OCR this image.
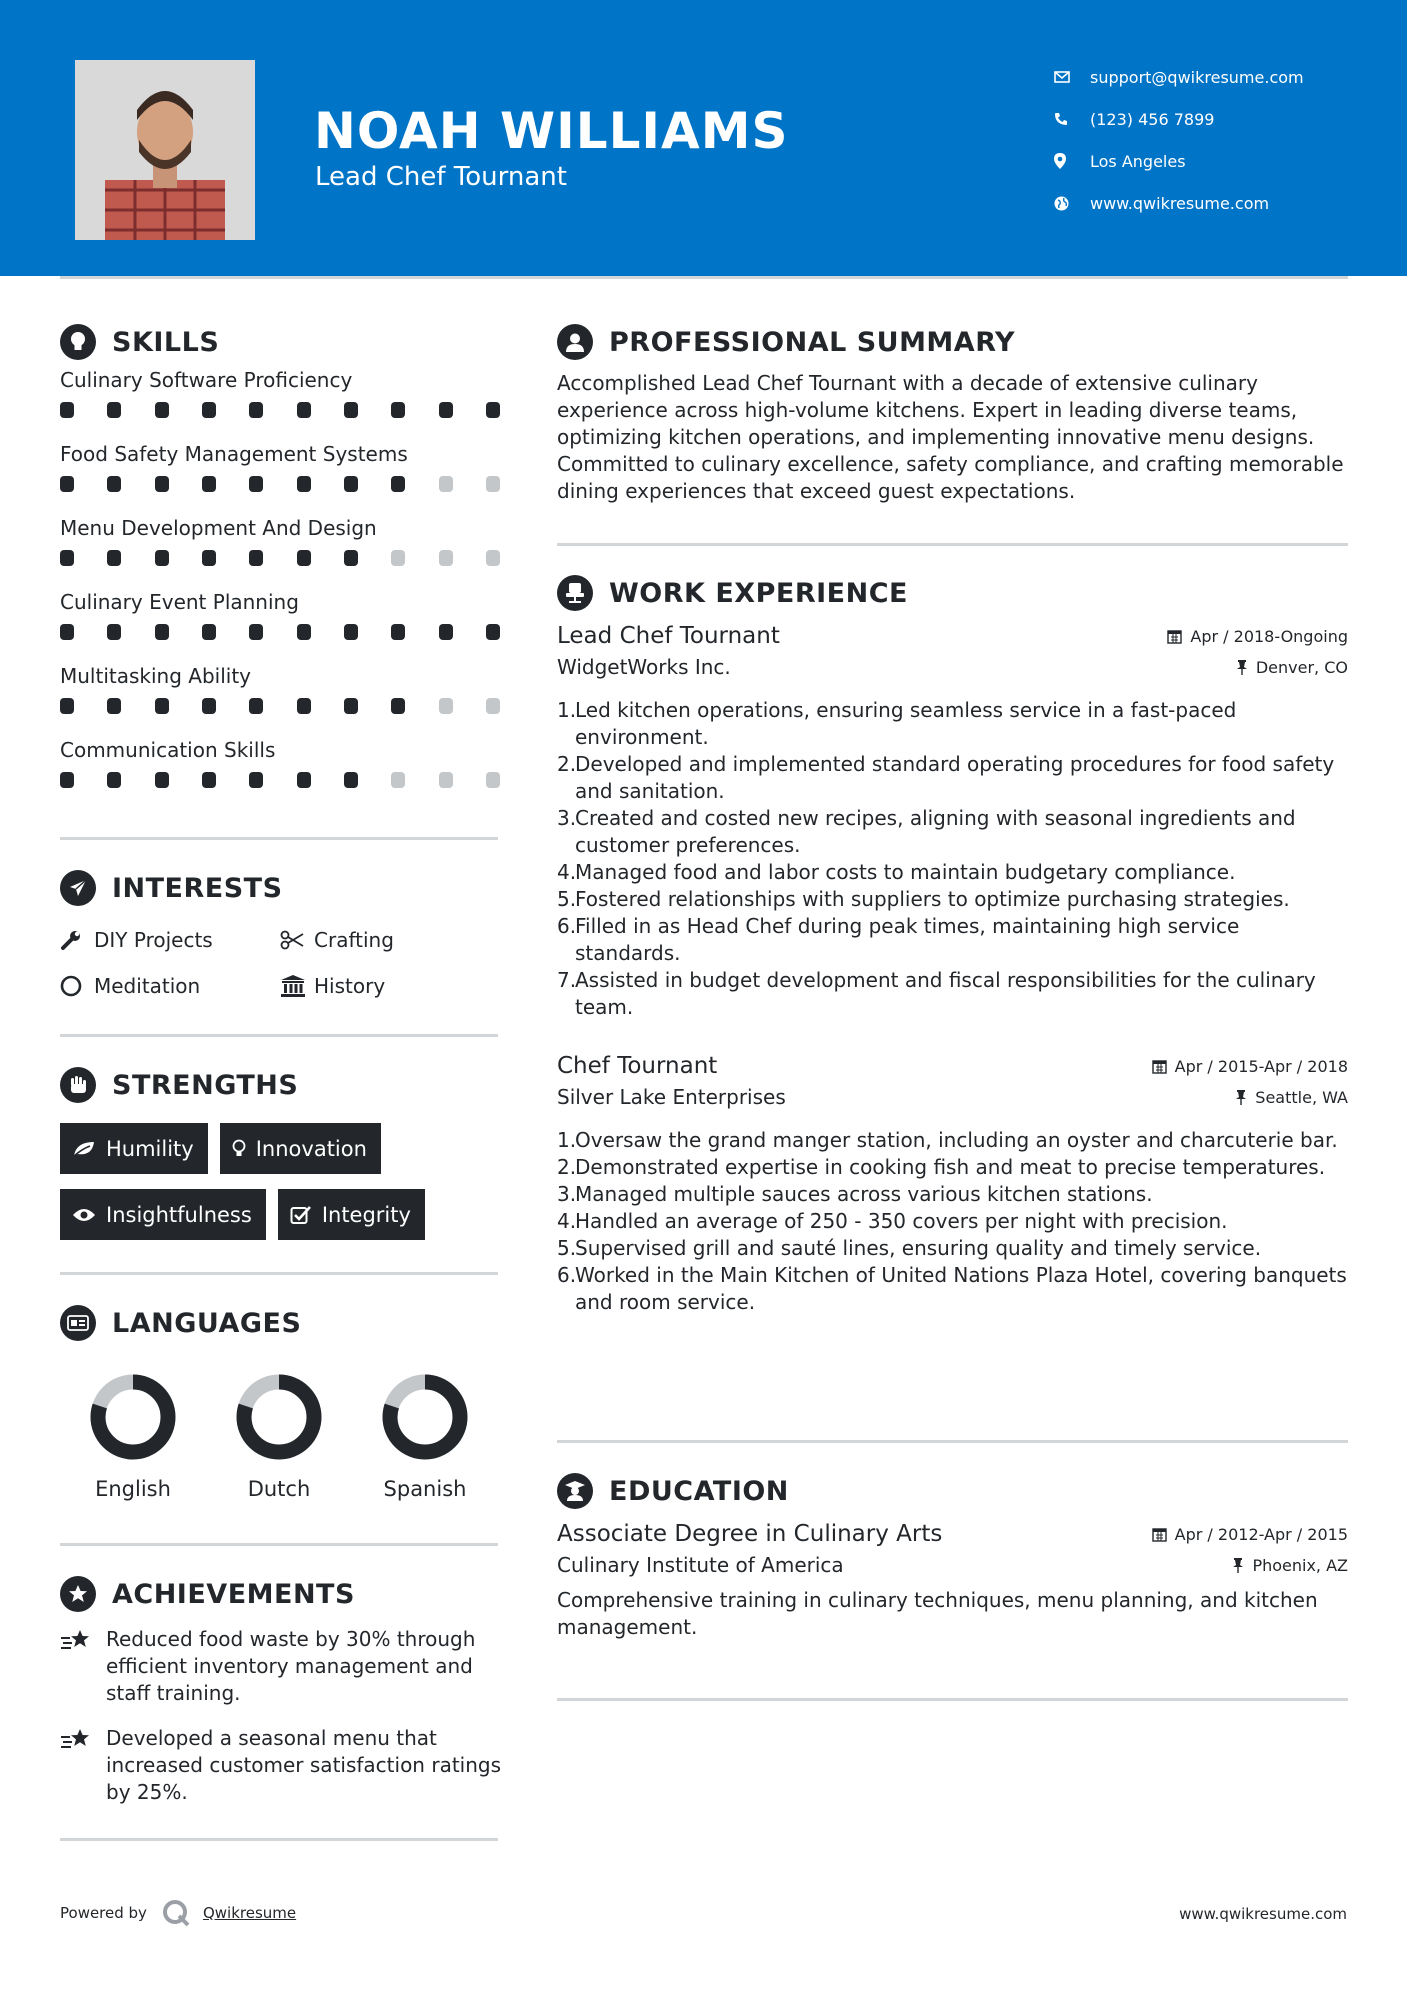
NOAH WILLIAMS
Lead Chef Tournant
support@qwikresume.com
(123) 456 7899
Los Angeles
www.qwikresume.com
SKILLS
Culinary Software Proficiency
Food Safety Management Systems
Menu Development And Design
Culinary Event Planning
Multitasking Ability
Communication Skills
INTERESTS
DIY Projects	Crafting
Meditation	History
STRENGTHS
Humility	Innovation
Insightfulness	Integrity
LANGUAGES
English	Dutch	Spanish
ACHIEVEMENTS
Reduced food waste by 30% through efficient inventory management and staff training.
Developed a seasonal menu that increased customer satisfaction ratings by 25%.
PROFESSIONAL SUMMARY
Accomplished Lead Chef Tournant with a decade of extensive culinary experience across high-volume kitchens. Expert in leading diverse teams, optimizing kitchen operations, and implementing innovative menu designs. Committed to culinary excellence, safety compliance, and crafting memorable dining experiences that exceed guest expectations.
WORK EXPERIENCE
Lead Chef Tournant	Apr / 2018-Ongoing
WidgetWorks Inc.	Denver, CO
Led kitchen operations, ensuring seamless service in a fast-paced environment.
Developed and implemented standard operating procedures for food safety and sanitation.
Created and costed new recipes, aligning with seasonal ingredients and customer preferences.
Managed food and labor costs to maintain budgetary compliance.
Fostered relationships with suppliers to optimize purchasing strategies.
Filled in as Head Chef during peak times, maintaining high service standards.
Assisted in budget development and fiscal responsibilities for the culinary team.
Chef Tournant	Apr / 2015-Apr / 2018
Silver Lake Enterprises	Seattle, WA
Oversaw the grand manger station, including an oyster and charcuterie bar.
Demonstrated expertise in cooking fish and meat to precise temperatures.
Managed multiple sauces across various kitchen stations.
Handled an average of 250 - 350 covers per night with precision.
Supervised grill and sauté lines, ensuring quality and timely service.
Worked in the Main Kitchen of United Nations Plaza Hotel, covering banquets and room service.
EDUCATION
Associate Degree in Culinary Arts	Apr / 2012-Apr / 2015
Culinary Institute of America	Phoenix, AZ
Comprehensive training in culinary techniques, menu planning, and kitchen management.
Powered by	Qwikresume	www.qwikresume.com
